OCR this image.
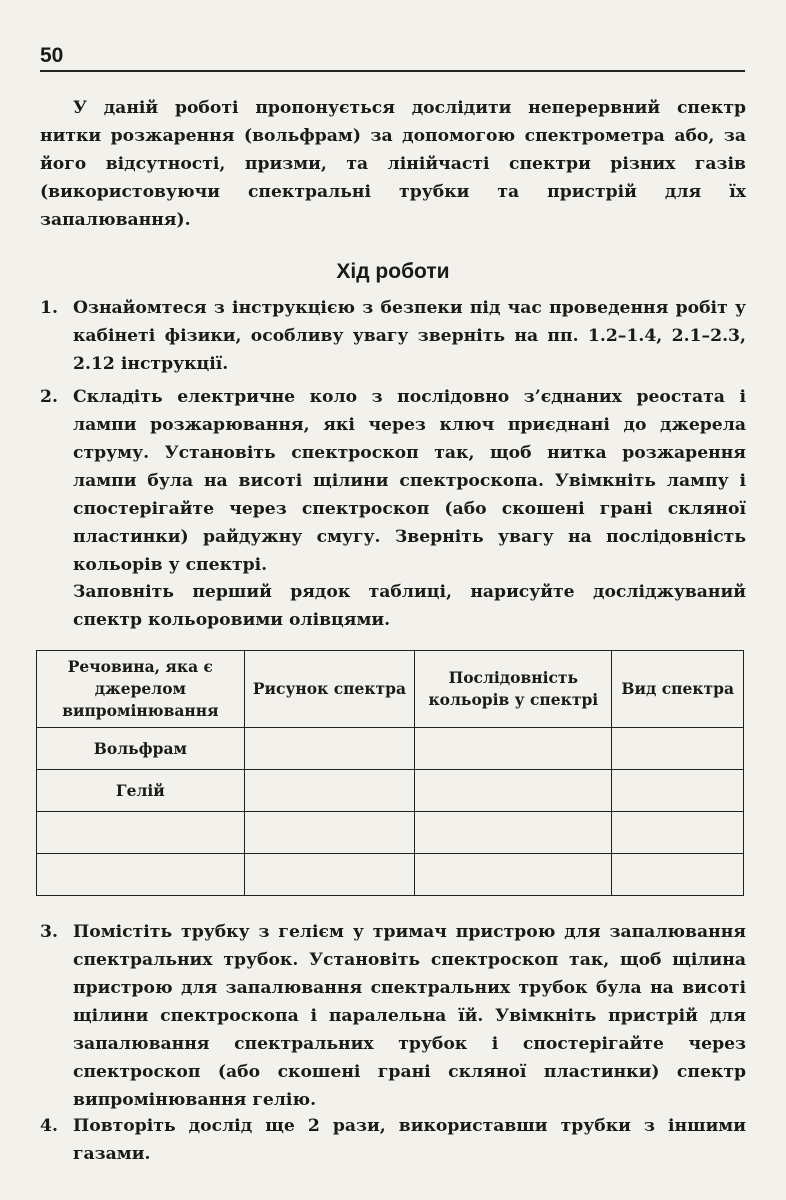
50

У даній роботі пропонується дослідити неперервний спектр нитки розжарення (вольфрам) за допомогою спектрометра або, за його відсутності, призми, та лінійчасті спектри різних газів (використовуючи спектральні трубки та пристрій для їх запалювання).

Хід роботи
1. Ознайомтеся з інструкцією з безпеки під час проведення робіт у кабінеті фізики, особливу увагу зверніть на пп. 1.2–1.4, 2.1–2.3, 2.12 інструкції.
2. Складіть електричне коло з послідовно з’єднаних реостата і лампи розжарювання, які через ключ приєднані до джерела струму. Установіть спектроскоп так, щоб нитка розжарення лампи була на висоті щілини спектроскопа. Увімкніть лампу і спостерігайте через спектроскоп (або скошені грані скляної пластинки) райдужну смугу. Зверніть увагу на послідовність кольорів у спектрі.

Заповніть перший рядок таблиці, нарисуйте досліджуваний спектр кольоровими олівцями.

Речовина, яка є джерелом випромінювання	Рисунок спектра	Послідовність кольорів у спектрі	Вид спектра
Вольфрам			
Гелій			

3. Помістіть трубку з гелієм у тримач пристрою для запалювання спектральних трубок. Установіть спектроскоп так, щоб щілина пристрою для запалювання спектральних трубок була на висоті щілини спектроскопа і паралельна їй. Увімкніть пристрій для запалювання спектральних трубок і спостерігайте через спектроскоп (або скошені грані скляної пластинки) спектр випромінювання гелію.
4. Повторіть дослід ще 2 рази, використавши трубки з іншими газами.
